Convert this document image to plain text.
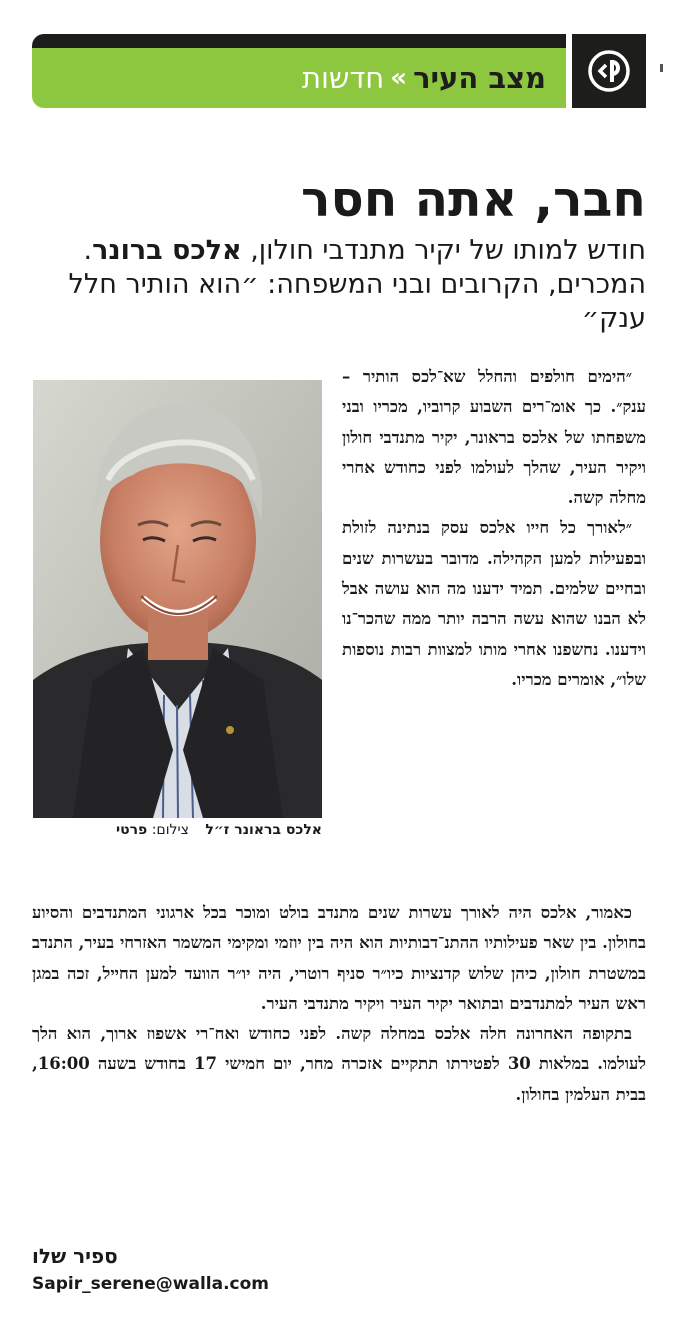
מצב העיר
»
חדשות
חבר, אתה חסר

חודש למותו של יקיר מתנדבי חולון, אלכס ברונר. המכרים, הקרובים ובני המשפחה: ״הוא הותיר חלל ענק״

אלכס בראונר ז״ל צילום: פרטי

״הימים חולפים והחלל שא־לכס הותיר – ענק״. כך אומ־רים השבוע קרוביו, מכריו ובני משפחתו של אלכס בראונר, יקיר מתנדבי חולון ויקיר העיר, שהלך לעולמו לפני כחודש אחרי מחלה קשה.

״לאורך כל חייו אלכס עסק בנתינה לזולת ובפעילות למען הקהילה. מדובר בעשרות שנים ובחיים שלמים. תמיד ידענו מה הוא עושה אבל לא הבנו שהוא עשה הרבה יותר ממה שהכר־נו וידענו. נחשפנו אחרי מותו למצוות רבות נוספות שלו״, אומרים מכריו.

כאמור, אלכס היה לאורך עשרות שנים מתנדב בולט ומוכר בכל ארגוני המתנדבים והסיוע בחולון. בין שאר פעילותיו ההתנ־דבותיות הוא היה בין יוזמי ומקימי המשמר האזרחי בעיר, התנדב במשטרת חולון, כיהן שלוש קדנציות כיו״ר סניף רוטרי, היה יו״ר הוועד למען החייל, זכה במגן ראש העיר למתנדבים ובתואר יקיר העיר ויקיר מתנדבי העיר.

בתקופה האחרונה חלה אלכס במחלה קשה. לפני כחודש ואח־רי אשפוז ארוך, הוא הלך לעולמו. במלאות 30 לפטירתו תתקיים אזכרה מחר, יום חמישי 17 בחודש בשעה 16:00, בבית העלמין בחולון.

ספיר שלו
Sapir_serene@walla.com
